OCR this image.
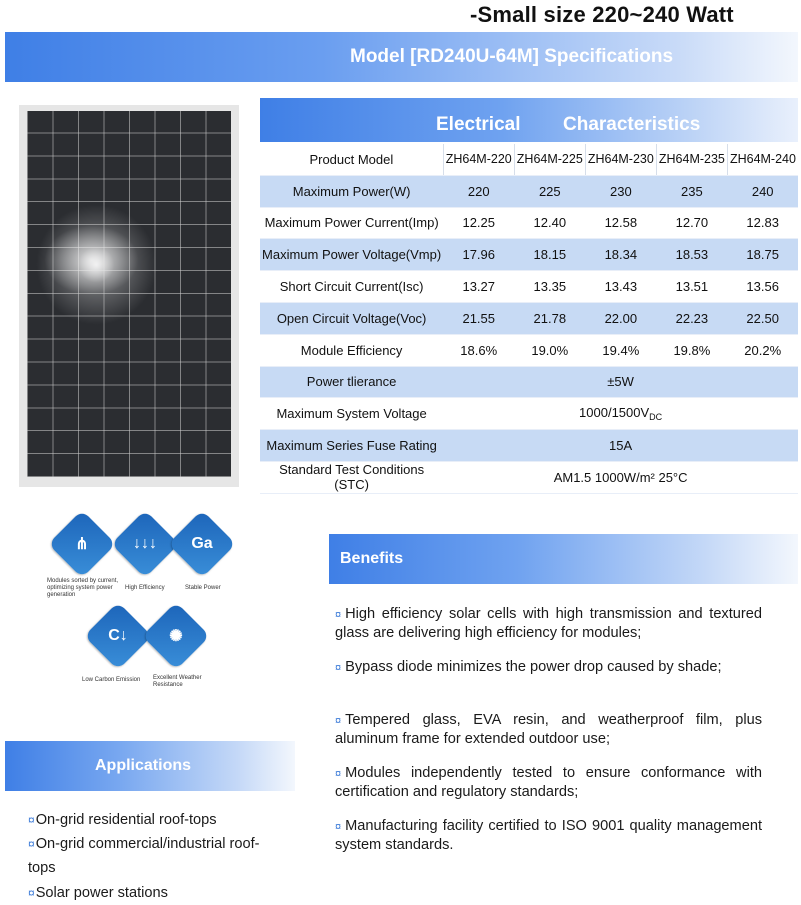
-Small size 220~240 Watt
Model [RD240U-64M] Specifications
Electrical Characteristics
Product Model	ZH64M-220	ZH64M-225	ZH64M-230	ZH64M-235	ZH64M-240
Maximum Power(W)	220	225	230	235	240
Maximum Power Current(Imp)	12.25	12.40	12.58	12.70	12.83
Maximum Power Voltage(Vmp)	17.96	18.15	18.34	18.53	18.75
Short Circuit Current(Isc)	13.27	13.35	13.43	13.51	13.56
Open Circuit Voltage(Voc)	21.55	21.78	22.00	22.23	22.50
Module Efficiency	18.6%	19.0%	19.4%	19.8%	20.2%
Power tlierance	±5W				
Maximum System Voltage	$1000/1500V_{DC}$
Maximum Series Fuse Rating	15A				
Standard Test Conditions (STC)	AM1.5 1000W/m² 25°C				
⋔	↓↓↓	Ga
Modules sorted by current, optimizing system power generation
High Efficiency	Stable Power
C↓	✺
Low Carbon Emission	Excellent Weather Resistance
Benefits
¤ High efficiency solar cells with high transmission and textured glass are delivering high efficiency for modules;
¤ Bypass diode minimizes the power drop caused by shade;
¤ Tempered glass, EVA resin, and weatherproof film, plus aluminum frame for extended outdoor use;
¤ Modules independently tested to ensure conformance with certification and regulatory standards;
¤ Manufacturing facility certified to ISO 9001 quality management system standards.
Applications
¤On-grid residential roof-tops
¤On-grid commercial/industrial roof-tops
¤Solar power stations
